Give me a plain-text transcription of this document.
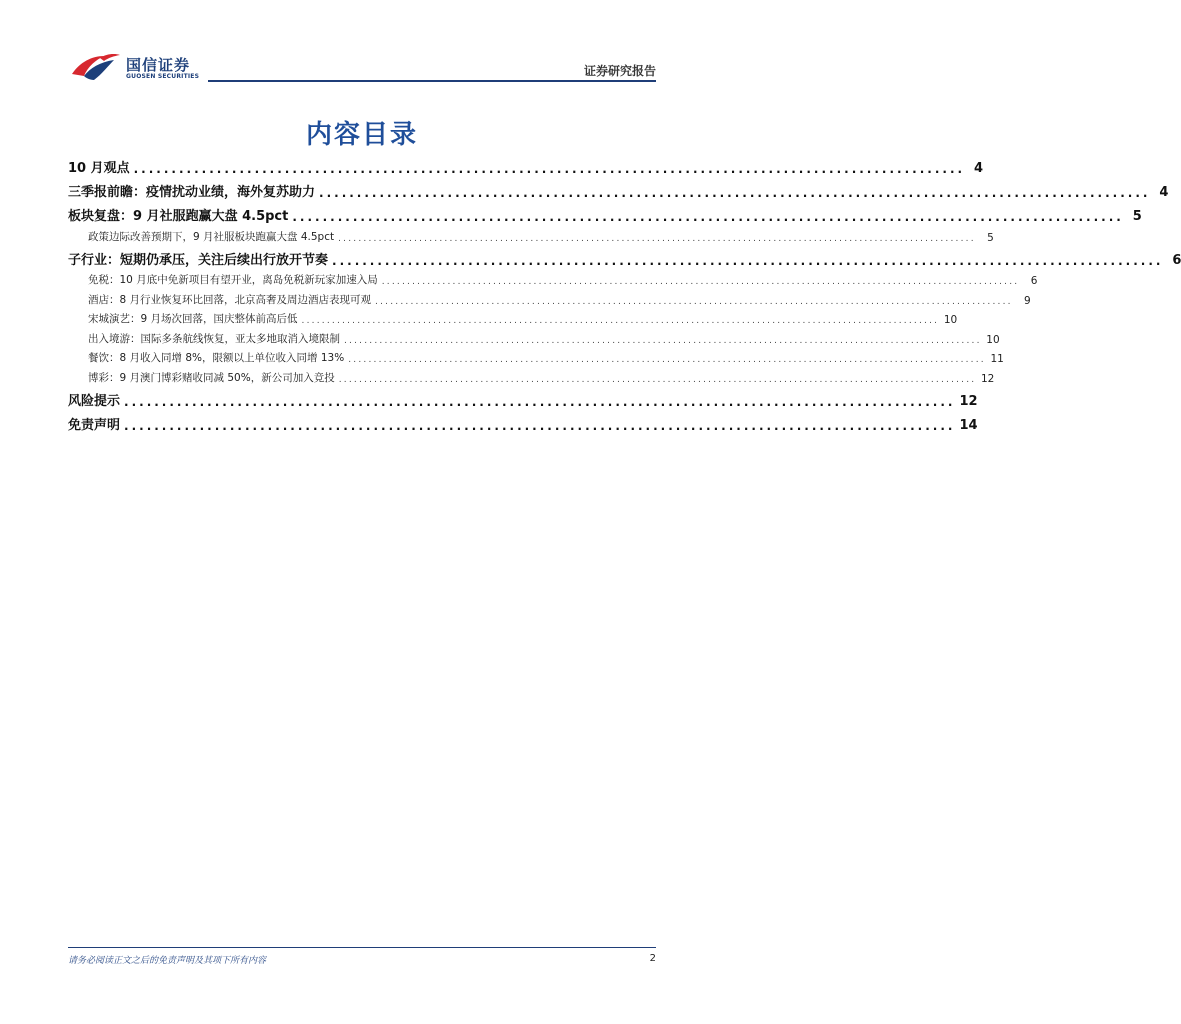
国信证券
GUOSEN SECURITIES	证券研究报告
内容目录
10 月观点 .............................................................................................................. 4
三季报前瞻：疫情扰动业绩，海外复苏助力 .............................................................................................................. 4
板块复盘：9 月社服跑赢大盘 4.5pct .............................................................................................................. 5
政策边际改善预期下，9 月社服板块跑赢大盘 4.5pct ..............................................................................................................................	5
子行业：短期仍承压，关注后续出行放开节奏 .............................................................................................................. 6
免税：10 月底中免新项目有望开业，离岛免税新玩家加速入局 ..............................................................................................................................	6
酒店：8 月行业恢复环比回落，北京高奢及周边酒店表现可观 ..............................................................................................................................	9
宋城演艺：9 月场次回落，国庆整体前高后低 .............................................................................................................................. 10
出入境游：国际多条航线恢复，亚太多地取消入境限制 .............................................................................................................................. 10
餐饮：8 月收入同增 8%，限额以上单位收入同增 13% .............................................................................................................................. 11
博彩：9 月澳门博彩赌收同减 50%，新公司加入竞投 .............................................................................................................................. 12
风险提示 .............................................................................................................. 12
免责声明 .............................................................................................................. 14
请务必阅读正文之后的免责声明及其项下所有内容	2
